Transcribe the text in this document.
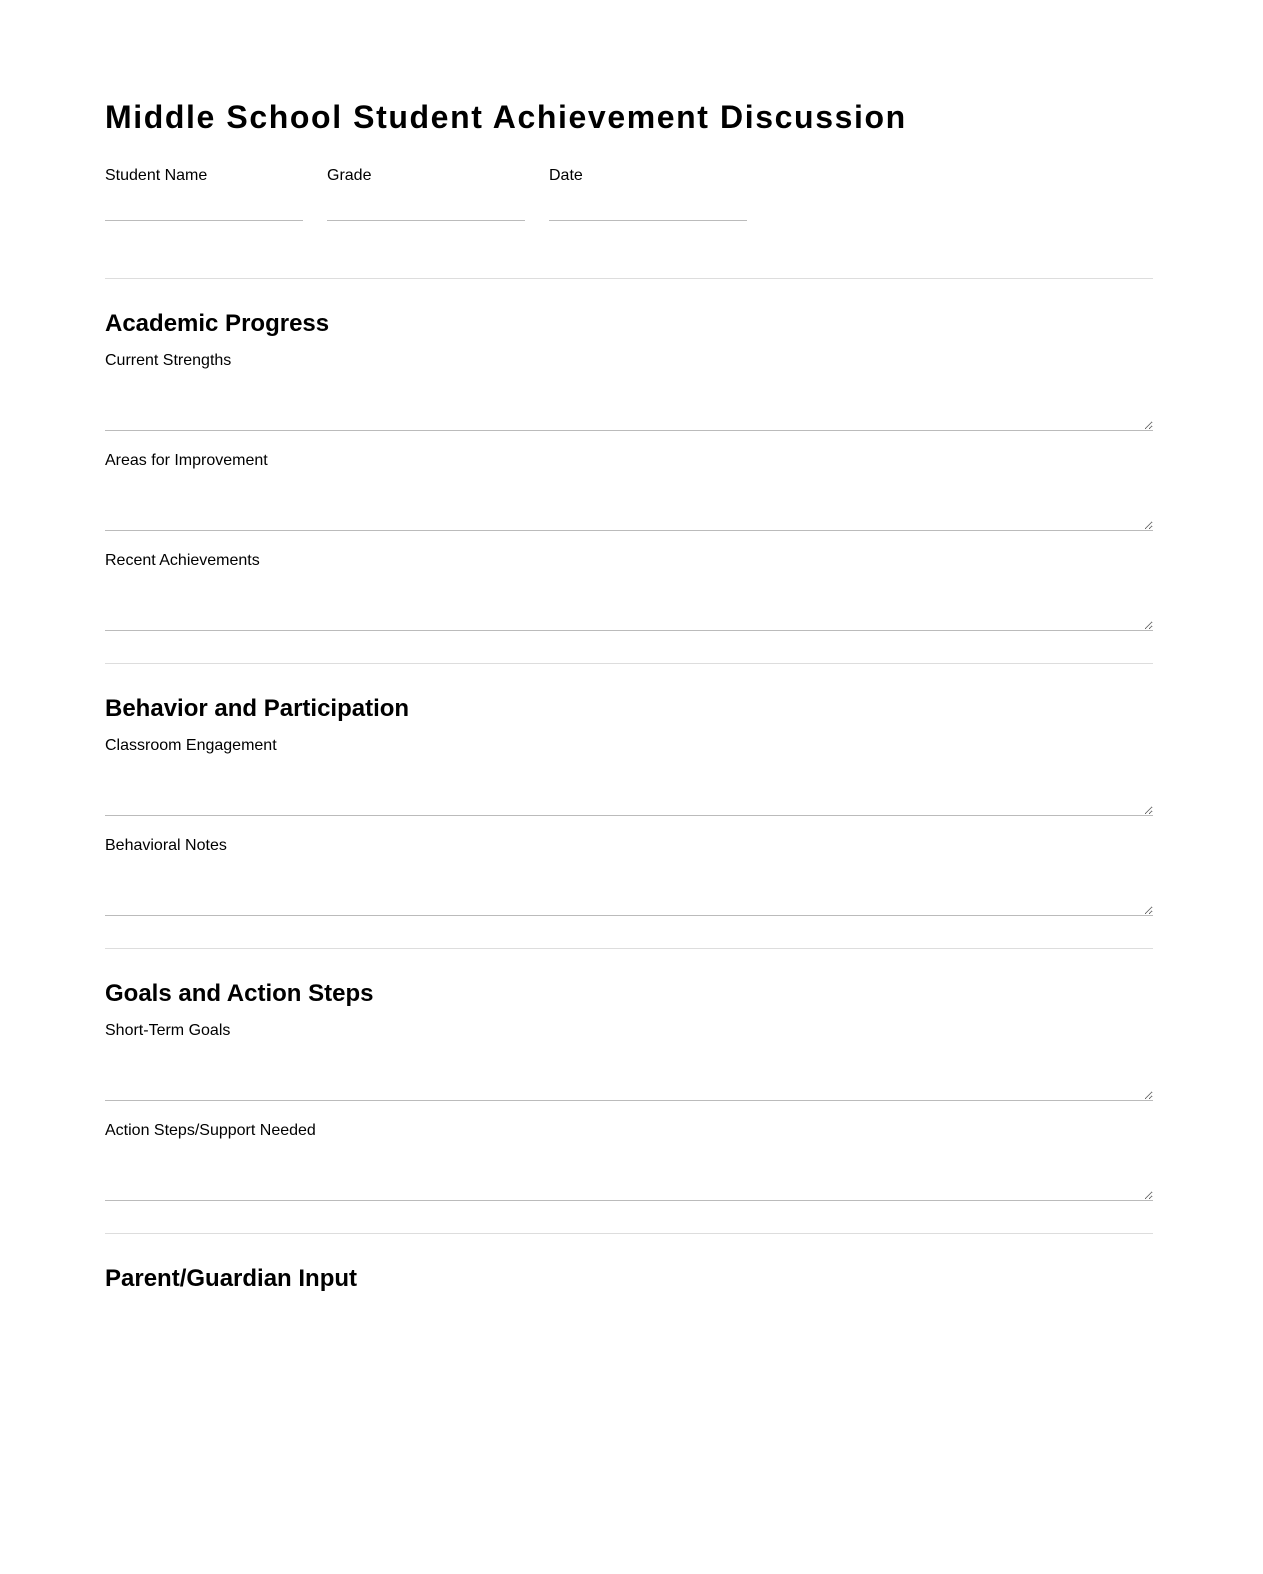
Middle School Student Achievement Discussion
Student Name	Grade	Date
Academic Progress
Current Strengths
Areas for Improvement
Recent Achievements
Behavior and Participation
Classroom Engagement
Behavioral Notes
Goals and Action Steps
Short-Term Goals
Action Steps/Support Needed
Parent/Guardian Input
